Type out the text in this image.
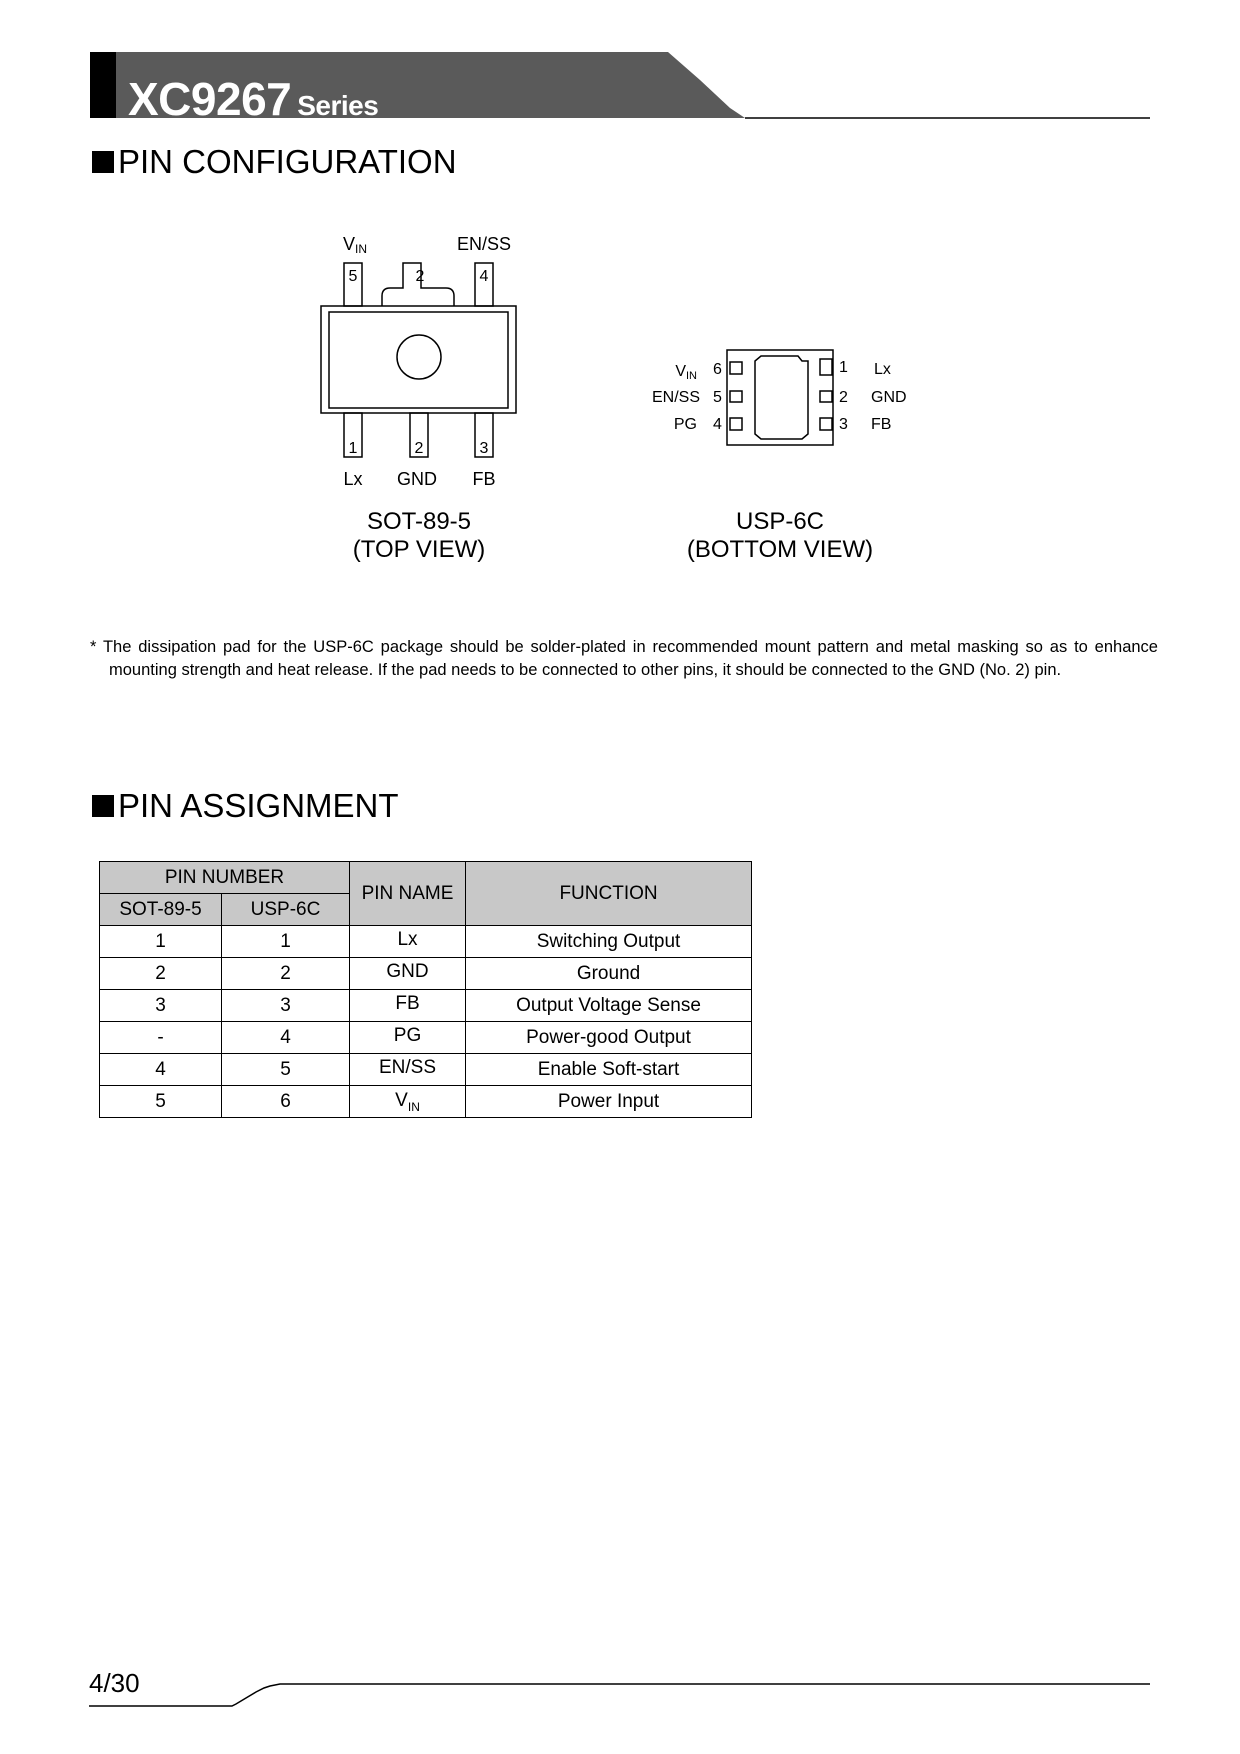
XC9267 Series
PIN CONFIGURATION
5	2	4
1	2	3
VIN	EN/SS
Lx GND FB
6
5
4
1
2
3
VIN
EN/SS
PG
Lx
GND
FB
SOT-89-5
(TOP VIEW)
USP-6C
(BOTTOM VIEW)
* The dissipation pad for the USP-6C package should be solder-plated in recommended mount pattern and metal masking so as to enhance
mounting strength and heat release. If the pad needs to be connected to other pins, it should be connected to the GND (No. 2) pin.
PIN ASSIGNMENT
PIN NUMBER		PIN NAME	FUNCTION
SOT-89-5	USP-6C		
1	1	Lx	Switching Output
2	2	GND	Ground
3	3	FB	Output Voltage Sense
-	4	PG	Power-good Output
4	5	EN/SS	Enable Soft-start
5	6	$V_{IN}$	Power Input
4/30
